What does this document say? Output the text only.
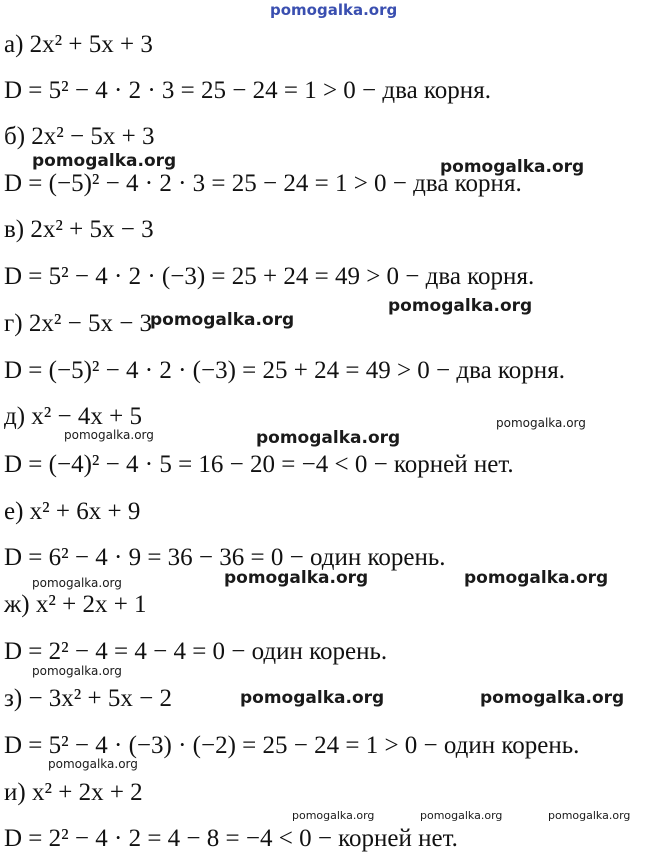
pomogalka.org
а) 2x² + 5x + 3
D = 5² − 4 · 2 · 3 = 25 − 24 = 1 > 0 − два корня.
б) 2x² − 5x + 3
D = (−5)² − 4 · 2 · 3 = 25 − 24 = 1 > 0 − два корня.
в) 2x² + 5x − 3
D = 5² − 4 · 2 · (−3) = 25 + 24 = 49 > 0 − два корня.
г) 2x² − 5x − 3
D = (−5)² − 4 · 2 · (−3) = 25 + 24 = 49 > 0 − два корня.
д) x² − 4x + 5
D = (−4)² − 4 · 5 = 16 − 20 = −4 < 0 − корней нет.
е) x² + 6x + 9
D = 6² − 4 · 9 = 36 − 36 = 0 − один корень.
ж) x² + 2x + 1
D = 2² − 4 = 4 − 4 = 0 − один корень.
з) − 3x² + 5x − 2
D = 5² − 4 · (−3) · (−2) = 25 − 24 = 1 > 0 − один корень.
и) x² + 2x + 2
D = 2² − 4 · 2 = 4 − 8 = −4 < 0 − корней нет.
pomogalka.org	pomogalka.org
pomogalka.org
pomogalka.org
pomogalka.org
pomogalka.org	pomogalka.org
pomogalka.org	pomogalka.org
pomogalka.org
pomogalka.org
pomogalka.org	pomogalka.org
pomogalka.org
pomogalka.org	pomogalka.org	pomogalka.org
